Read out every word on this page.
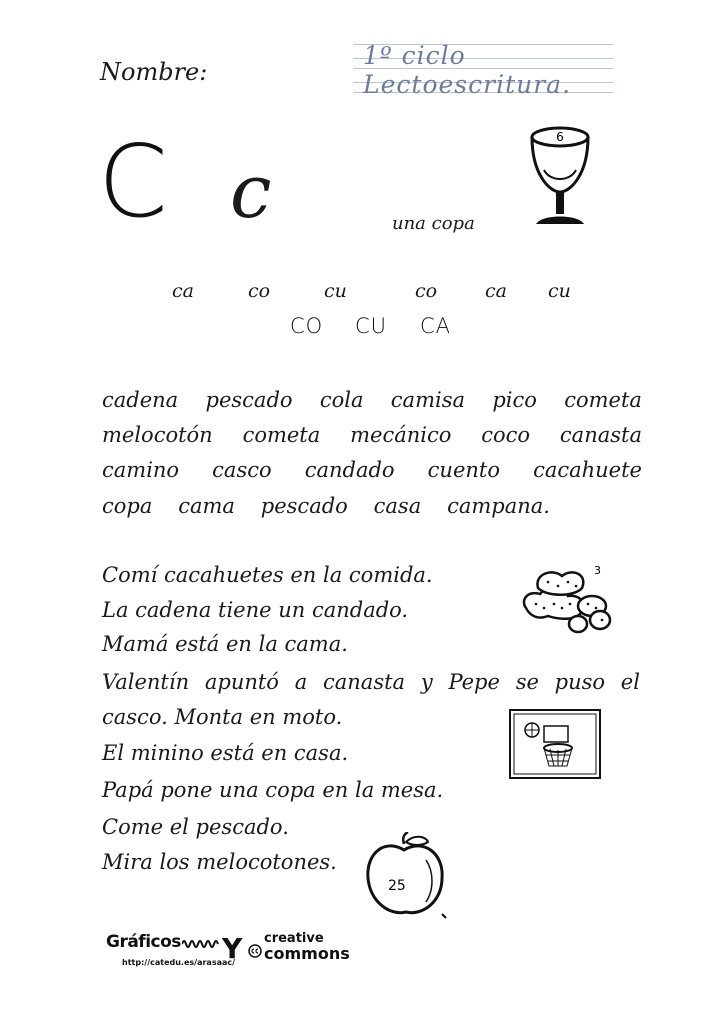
Nombre:
1º ciclo Lectoescritura.
C c	una copa
6
ca	co	cu	co	ca cu
CO CU CA
cadena pescado cola camisa pico cometa
melocotón cometa mecánico coco canasta
camino casco candado cuento cacahuete
copa cama pescado casa campana.
Comí cacahuetes en la comida.
La cadena tiene un candado.
Mamá está en la cama.
Valentín apuntó a canasta y Pepe se puso el
casco. Monta en moto.
El minino está en casa.
Papá pone una copa en la mesa.
Come el pescado.
Mira los melocotones.
3
25
Gráficos
http://catedu.es/arasaac/
Y creative
commons
